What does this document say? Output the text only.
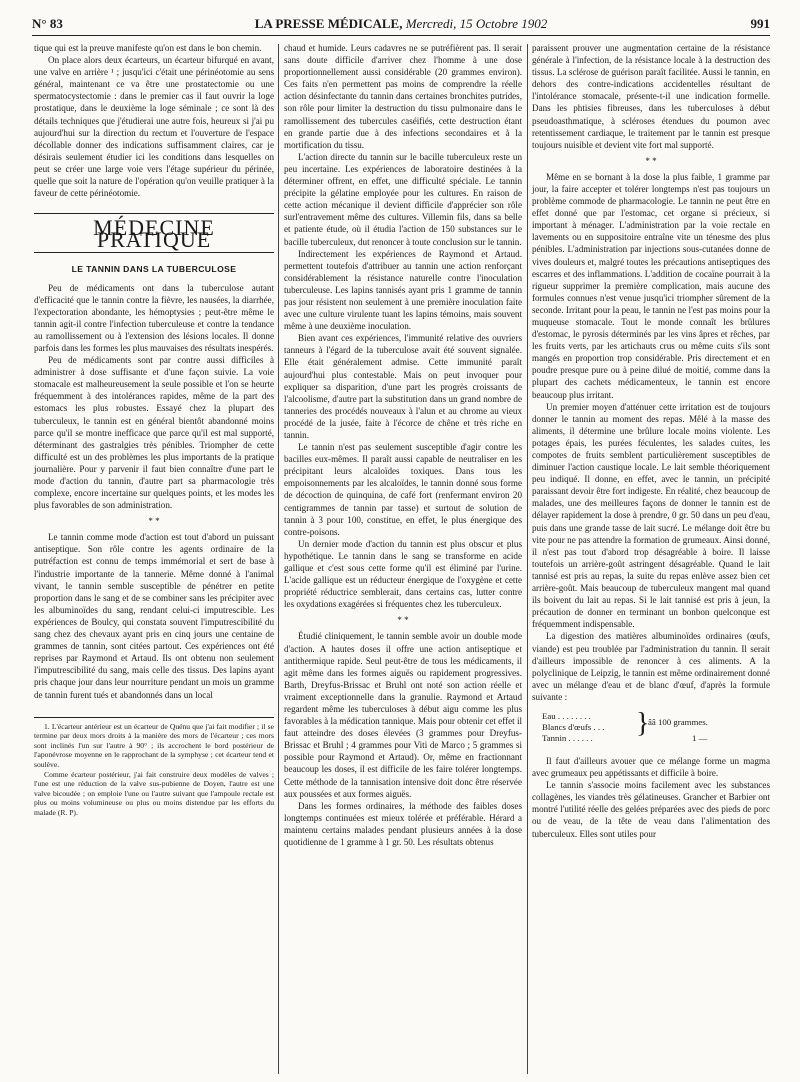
N° 83	LA PRESSE MÉDICALE, Mercredi, 15 Octobre 1902	991

tique qui est la preuve manifeste qu'on est dans le bon chemin.

On place alors deux écarteurs, un écarteur bifurqué en avant, une valve en arrière ¹ ; jusqu'ici c'était une périnéotomie au sens général, maintenant ce va être une prostatectomie ou une spermatocystectomie : dans le premier cas il faut ouvrir la loge prostatique, dans le deuxième la loge séminale ; ce sont là des détails techniques que j'étudierai une autre fois, heureux si j'ai pu aujourd'hui sur la direction du rectum et l'ouverture de l'espace décollable donner des indications suffisamment claires, car je désirais seulement étudier ici les conditions dans lesquelles on peut se créer une large voie vers l'étage supérieur du périnée, quelle que soit la nature de l'opération qu'on veuille pratiquer à la faveur de cette périnéotomie.

MÉDECINE PRATIQUE
LE TANNIN DANS LA TUBERCULOSE

Peu de médicaments ont dans la tuberculose autant d'efficacité que le tannin contre la fièvre, les nausées, la diarrhée, l'expectoration abondante, les hémoptysies ; peut-être même le tannin agit-il contre l'infection tuberculeuse et contre la tendance au ramollissement ou à l'extension des lésions locales. Il donne parfois dans les formes les plus mauvaises des résultats inespérés.

Peu de médicaments sont par contre aussi difficiles à administrer à dose suffisante et d'une façon suivie. La voie stomacale est malheureusement la seule possible et l'on se heurte fréquemment à des intolérances rapides, même de la part des estomacs les plus robustes. Essayé chez la plupart des tuberculeux, le tannin est en général bientôt abandonné moins parce qu'il se montre inefficace que parce qu'il est mal supporté, déterminant des gastralgies très pénibles. Triompher de cette difficulté est un des problèmes les plus importants de la pratique journalière. Pour y parvenir il faut bien connaître d'une part le mode d'action du tannin, d'autre part sa pharmacologie très complexe, encore incertaine sur quelques points, et les modes les plus favorables de son administration.

* *

Le tannin comme mode d'action est tout d'abord un puissant antiseptique. Son rôle contre les agents ordinaire de la putréfaction est connu de temps immémorial et sert de base à l'industrie importante de la tannerie. Même donné à l'animal vivant, le tannin semble susceptible de pénétrer en petite proportion dans le sang et de se combiner sans les précipiter avec les albuminoïdes du sang, rendant celui-ci imputrescible. Les expériences de Boulcy, qui constata souvent l'imputrescibilité du sang chez des chevaux ayant pris en cinq jours une centaine de grammes de tannin, sont citées partout. Ces expériences ont été reprises par Raymond et Artaud. Ils ont obtenu non seulement l'imputrescibilité du sang, mais celle des tissus. Des lapins ayant pris chaque jour dans leur nourriture pendant un mois un gramme de tannin furent tués et abandonnés dans un local

1. L'écarteur antérieur est un écarteur de Quénu que j'ai fait modifier ; il se termine par deux mors droits à la manière des mors de l'écarteur ; ces mors sont inclinés l'un sur l'autre à 90° ; ils accrochent le bord postérieur de l'aponévrose moyenne en le rapprochant de la symphyse ; cet écarteur tend et soulève.

Comme écarteur postérieur, j'ai fait construire deux modèles de valves ; l'une est une réduction de la valve sus-pubienne de Doyen, l'autre est une valve bicoudée ; on emploie l'une ou l'autre suivant que l'ampoule rectale est plus ou moins volumineuse ou plus ou moins distendue par les efforts du malade (R. P).

chaud et humide. Leurs cadavres ne se putréfièrent pas. Il serait sans doute difficile d'arriver chez l'homme à une dose proportionnellement aussi considérable (20 grammes environ). Ces faits n'en permettent pas moins de comprendre la réelle action désinfectante du tannin dans certaines bronchites putrides, son rôle pour limiter la destruction du tissu pulmonaire dans le ramollissement des tubercules caséifiés, cette destruction étant en grande partie due à des infections secondaires et à la mortification du tissu.

L'action directe du tannin sur le bacille tuberculeux reste un peu incertaine. Les expériences de laboratoire destinées à la déterminer offrent, en effet, une difficulté spéciale. Le tannin précipite la gélatine employée pour les cultures. En raison de cette action mécanique il devient difficile d'apprécier son rôle surl'entravement même des cultures. Villemin fils, dans sa belle et patiente étude, où il étudia l'action de 150 substances sur le bacille tuberculeux, dut renoncer à toute conclusion sur le tannin.

Indirectement les expériences de Raymond et Artaud. permettent toutefois d'attribuer au tannin une action renforçant considérablement la résistance naturelle contre l'inoculation tuberculeuse. Les lapins tannisés ayant pris 1 gramme de tannin pas jour résistent non seulement à une première inoculation faite avec une culture virulente tuant les lapins témoins, mais souvent même à une deuxième inoculation.

Bien avant ces expériences, l'immunité relative des ouvriers tanneurs à l'égard de la tuberculose avait été souvent signalée. Elle était généralement admise. Cette immunité paraît aujourd'hui plus contestable. Mais on peut invoquer pour expliquer sa disparition, d'une part les progrès croissants de l'alcoolisme, d'autre part la substitution dans un grand nombre de tanneries des procédés nouveaux à l'alun et au chrome au vieux procédé de la jusée, faite à l'écorce de chêne et très riche en tannin.

Le tannin n'est pas seulement susceptible d'agir contre les bacilles eux-mêmes. Il paraît aussi capable de neutraliser en les précipitant leurs alcaloïdes toxiques. Dans tous les empoisonnements par les alcaloïdes, le tannin donné sous forme de décoction de quinquina, de café fort (renfermant environ 20 centigrammes de tannin par tasse) et surtout de solution de tannin à 3 pour 100, constitue, en effet, le plus énergique des contre-poisons.

Un dernier mode d'action du tannin est plus obscur et plus hypothétique. Le tannin dans le sang se transforme en acide gallique et c'est sous cette forme qu'il est éliminé par l'urine. L'acide gallique est un réducteur énergique de l'oxygène et cette propriété réductrice semblerait, dans certains cas, lutter contre les oxydations exagérées si fréquentes chez les tuberculeux.

* *

Étudié cliniquement, le tannin semble avoir un double mode d'action. A hautes doses il offre une action antiseptique et antithermique rapide. Seul peut-être de tous les médicaments, il agit même dans les formes aiguës ou rapidement progressives. Barth, Dreyfus-Brissac et Bruhl ont noté son action réelle et vraiment exceptionnelle dans la granulie. Raymond et Artaud regardent même les tuberculoses à début aigu comme les plus favorables à la médication tannique. Mais pour obtenir cet effet il faut atteindre des doses élevées (3 grammes pour Dreyfus-Brissac et Bruhl ; 4 grammes pour Viti de Marco ; 5 grammes si possible pour Raymond et Artaud). Or, même en fractionnant beaucoup les doses, il est difficile de les faire tolérer longtemps. Cette méthode de la tannisation intensive doit donc être réservée aux poussées et aux formes aiguës.

Dans les formes ordinaires, la méthode des faibles doses longtemps continuées est mieux tolérée et préférable. Hérard a maintenu certains malades pendant plusieurs années à la dose quotidienne de 1 gramme à 1 gr. 50. Les résultats obtenus

paraissent prouver une augmentation certaine de la résistance générale à l'infection, de la résistance locale à la destruction des tissus. La sclérose de guérison paraît facilitée. Aussi le tannin, en dehors des contre-indications accidentelles résultant de l'intolérance stomacale, présente-t-il une indication formelle. Dans les phtisies fibreuses, dans les tuberculoses à début pseudoasthmatique, à scléroses étendues du poumon avec retentissement cardiaque, le traitement par le tannin est presque toujours nuisible et devient vite fort mal supporté.

* *

Même en se bornant à la dose la plus faible, 1 gramme par jour, la faire accepter et tolérer longtemps n'est pas toujours un problème commode de pharmacologie. Le tannin ne peut être en effet donné que par l'estomac, cet organe si précieux, si important à ménager. L'administration par la voie rectale en lavements ou en suppositoire entraîne vite un ténesme des plus pénibles. L'administration par injections sous-cutanées donne de vives douleurs et, malgré toutes les précautions antiseptiques des escarres et des inflammations. L'addition de cocaïne pourrait à la rigueur supprimer la première complication, mais aucune des formules connues n'est venue jusqu'ici triompher sûrement de la seconde. Irritant pour la peau, le tannin ne l'est pas moins pour la muqueuse stomacale. Tout le monde connaît les brûlures d'estomac, le pyrosis déterminés par les vins âpres et rêches, par les fruits verts, par les artichauts crus ou même cuits s'ils sont mangés en proportion trop considérable. Pris directement et en poudre presque pure ou à peine dilué de moitié, comme dans la plupart des cachets médicamenteux, le tannin est encore beaucoup plus irritant.

Un premier moyen d'atténuer cette irritation est de toujours donner le tannin au moment des repas. Mêlé à la masse des aliments, il détermine une brûlure locale moins violente. Les potages épais, les purées féculentes, les salades cuites, les compotes de fruits semblent particulièrement susceptibles de diminuer l'action caustique locale. Le lait semble théoriquement peu indiqué. Il donne, en effet, avec le tannin, un précipité paraissant devoir être fort indigeste. En réalité, chez beaucoup de malades, une des meilleures façons de donner le tannin est de délayer rapidement la dose à prendre, 0 gr. 50 dans un peu d'eau, puis dans une grande tasse de lait sucré. Le mélange doit être bu vite pour ne pas attendre la formation de grumeaux. Ainsi donné, il n'est pas tout d'abord trop désagréable à boire. Il laisse toutefois un arrière-goût astringent désagréable. Quand le lait tannisé est pris au repas, la suite du repas enlève assez bien cet arrière-goût. Mais beaucoup de tuberculeux mangent mal quand ils boivent du lait au repas. Si le lait tannisé est pris à jeun, la précaution de donner en terminant un bonbon quelconque est fréquemment indispensable.

La digestion des matières albuminoïdes ordinaires (œufs, viande) est peu troublée par l'administration du tannin. Il serait d'ailleurs impossible de renoncer à ces aliments. A la polyclinique de Leipzig, le tannin est même ordinairement donné avec un mélange d'eau et de blanc d'œuf, d'après la formule suivante :

Eau . . . . . . . .
Blancs d'œufs . . .
Tannin . . . . . . }
ââ 100 grammes.
1 —

Il faut d'ailleurs avouer que ce mélange forme un magma avec grumeaux peu appétissants et difficile à boire.

Le tannin s'associe moins facilement avec les substances collagènes, les viandes très gélatineuses. Grancher et Barbier ont montré l'utilité réelle des gelées préparées avec des pieds de porc ou de veau, de la tête de veau dans l'alimentation des tuberculeux. Elles sont utiles pour
